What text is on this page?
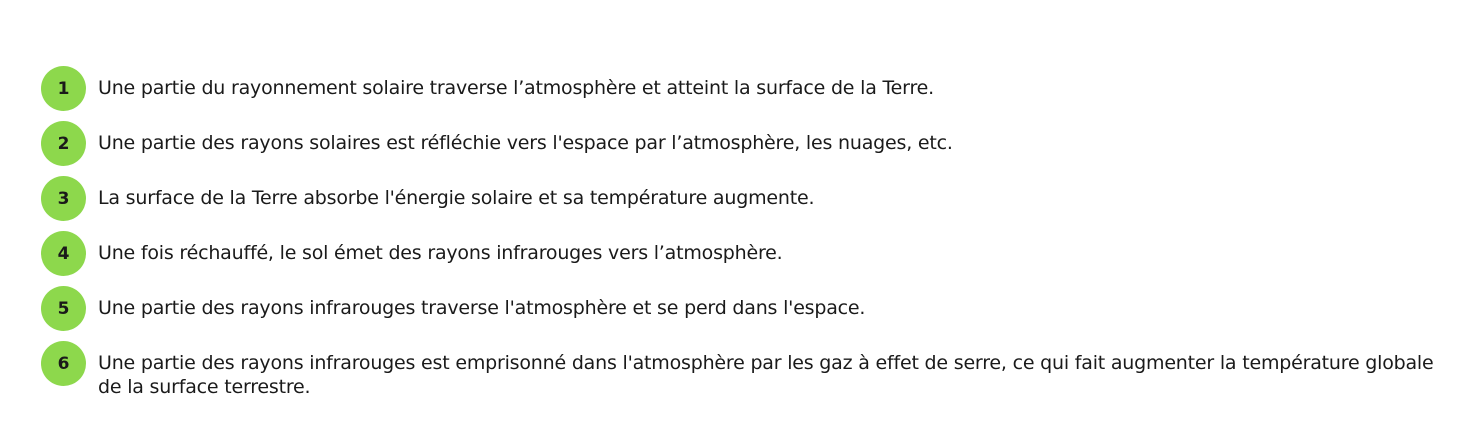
1	Une partie du rayonnement solaire traverse l’atmosphère et atteint la surface de la Terre.
2	Une partie des rayons solaires est réfléchie vers l'espace par l’atmosphère, les nuages, etc.
3	La surface de la Terre absorbe l'énergie solaire et sa température augmente.
4	Une fois réchauffé, le sol émet des rayons infrarouges vers l’atmosphère.
5	Une partie des rayons infrarouges traverse l'atmosphère et se perd dans l'espace.
6	Une partie des rayons infrarouges est emprisonné dans l'atmosphère par les gaz à effet de serre, ce qui fait augmenter la température globale de la surface terrestre.
